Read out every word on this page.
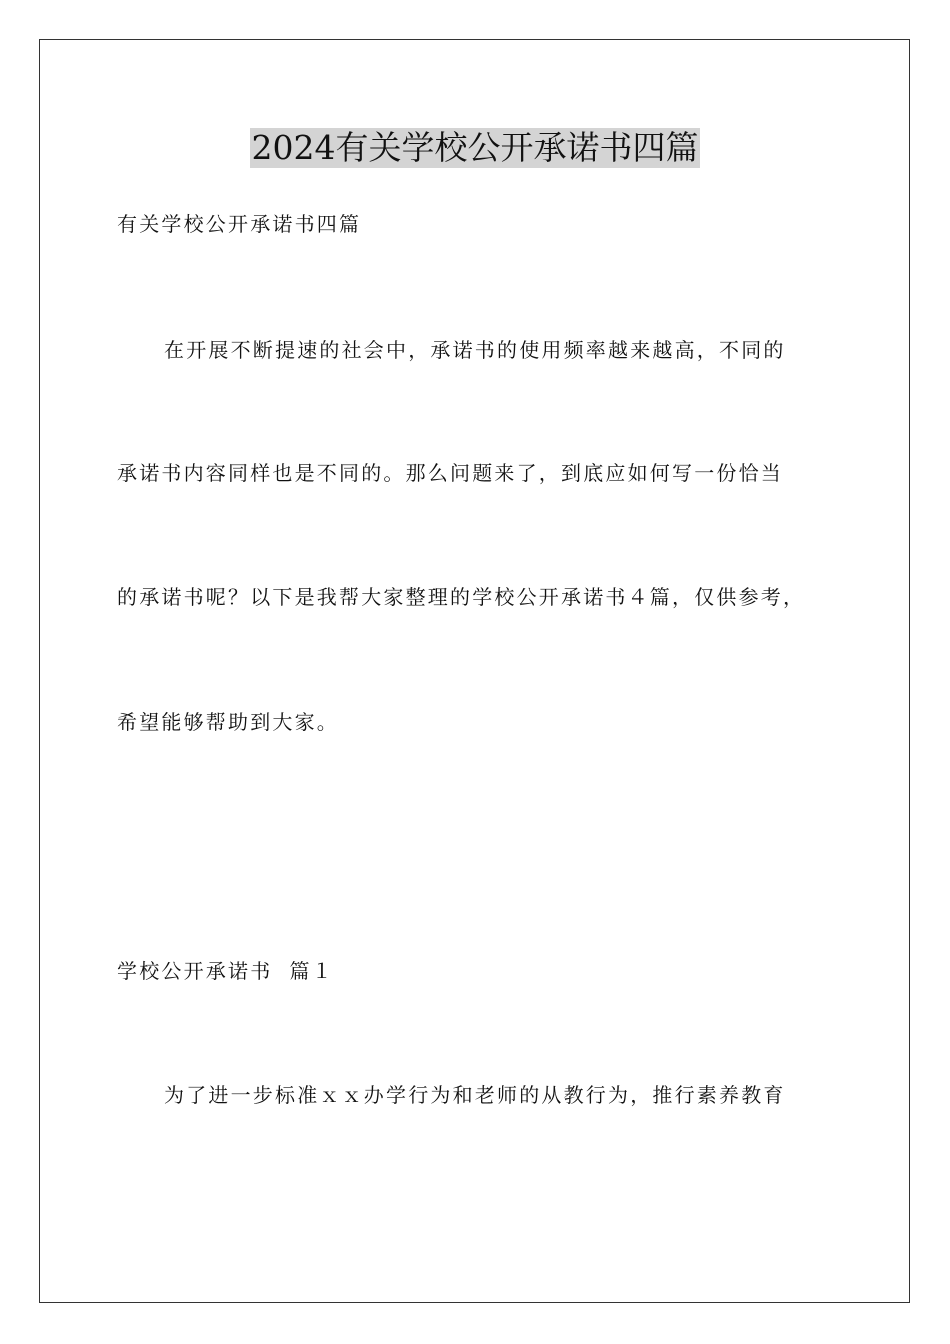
2024有关学校公开承诺书四篇
有关学校公开承诺书四篇
在开展不断提速的社会中，承诺书的使用频率越来越高，不同的
承诺书内容同样也是不同的。那么问题来了，到底应如何写一份恰当
的承诺书呢？以下是我帮大家整理的学校公开承诺书４篇，仅供参考，
希望能够帮助到大家。
学校公开承诺书  篇１
为了进一步标准ｘｘ办学行为和老师的从教行为，推行素养教育
